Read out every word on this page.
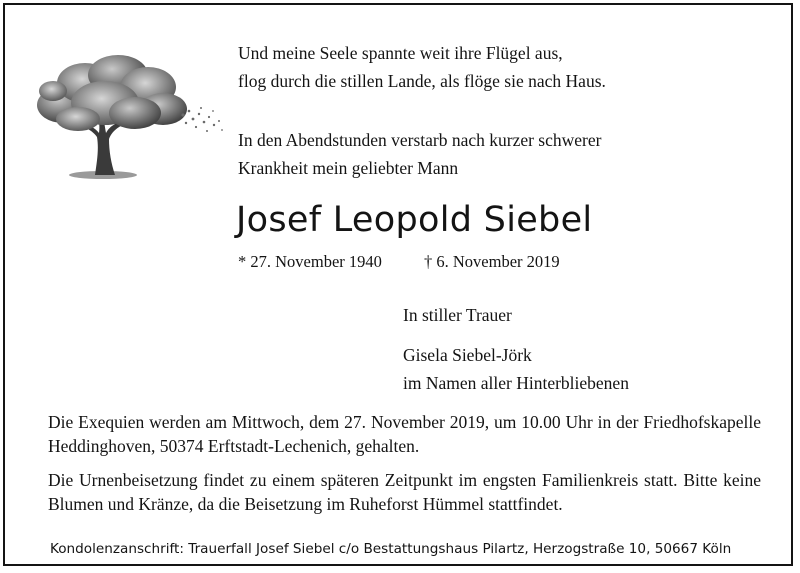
Und meine Seele spannte weit ihre Flügel aus,
flog durch die stillen Lande, als flöge sie nach Haus.
In den Abendstunden verstarb nach kurzer schwerer
Krankheit mein geliebter Mann
Josef Leopold Siebel
* 27. November 1940	† 6. November 2019
In stiller Trauer
Gisela Siebel-Jörk
im Namen aller Hinterbliebenen

Die Exequien werden am Mittwoch, dem 27. November 2019, um 10.00 Uhr in der Friedhofskapelle Heddinghoven, 50374 Erftstadt-Lechenich, gehalten.

Die Urnenbeisetzung findet zu einem späteren Zeitpunkt im engsten Familienkreis statt. Bitte keine Blumen und Kränze, da die Beisetzung im Ruheforst Hümmel stattfindet.

Kondolenzanschrift: Trauerfall Josef Siebel c/o Bestattungshaus Pilartz, Herzogstraße 10, 50667 Köln
